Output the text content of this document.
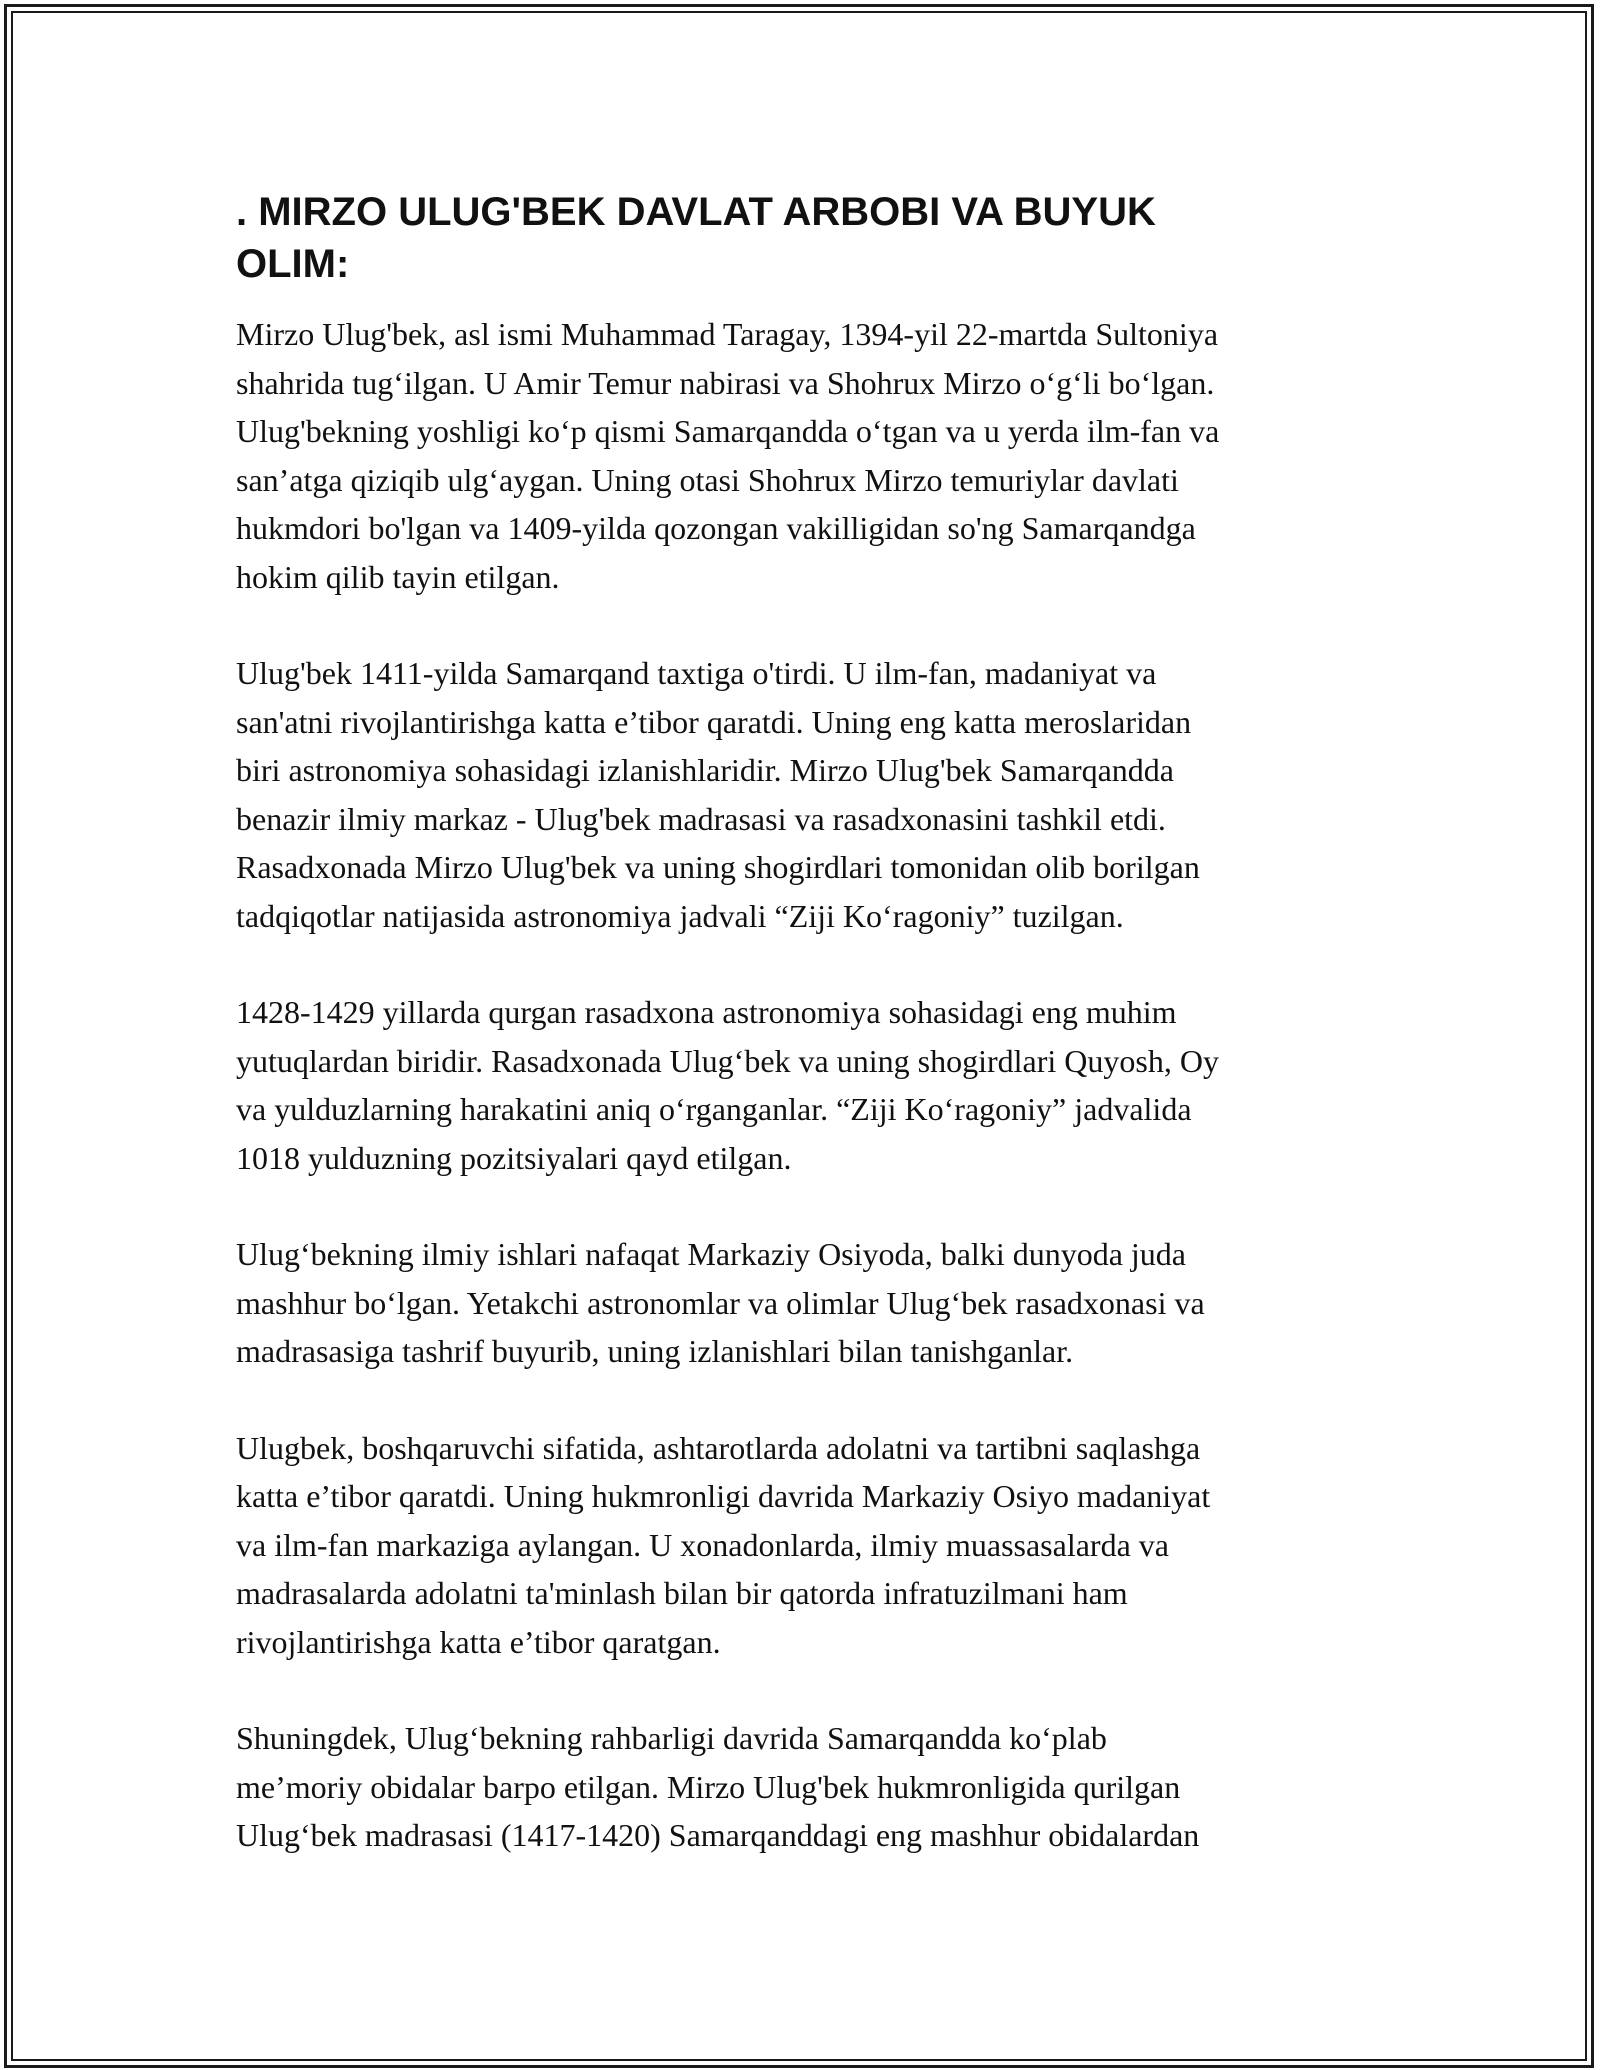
. MIRZO ULUG'BEK DAVLAT ARBOBI VA BUYUK
OLIM:

Mirzo Ulug'bek, asl ismi Muhammad Taragay, 1394-yil 22-martda Sultoniya
shahrida tug‘ilgan. U Amir Temur nabirasi va Shohrux Mirzo o‘g‘li bo‘lgan.
Ulug'bekning yoshligi ko‘p qismi Samarqandda o‘tgan va u yerda ilm-fan va
san’atga qiziqib ulg‘aygan. Uning otasi Shohrux Mirzo temuriylar davlati
hukmdori bo'lgan va 1409-yilda qozongan vakilligidan so'ng Samarqandga
hokim qilib tayin etilgan.

Ulug'bek 1411-yilda Samarqand taxtiga o'tirdi. U ilm-fan, madaniyat va
san'atni rivojlantirishga katta e’tibor qaratdi. Uning eng katta meroslaridan
biri astronomiya sohasidagi izlanishlaridir. Mirzo Ulug'bek Samarqandda
benazir ilmiy markaz - Ulug'bek madrasasi va rasadxonasini tashkil etdi.
Rasadxonada Mirzo Ulug'bek va uning shogirdlari tomonidan olib borilgan
tadqiqotlar natijasida astronomiya jadvali “Ziji Ko‘ragoniy” tuzilgan.

1428-1429 yillarda qurgan rasadxona astronomiya sohasidagi eng muhim
yutuqlardan biridir. Rasadxonada Ulug‘bek va uning shogirdlari Quyosh, Oy
va yulduzlarning harakatini aniq o‘rganganlar. “Ziji Ko‘ragoniy” jadvalida
1018 yulduzning pozitsiyalari qayd etilgan.

Ulug‘bekning ilmiy ishlari nafaqat Markaziy Osiyoda, balki dunyoda juda
mashhur bo‘lgan. Yetakchi astronomlar va olimlar Ulug‘bek rasadxonasi va
madrasasiga tashrif buyurib, uning izlanishlari bilan tanishganlar.

Ulugbek, boshqaruvchi sifatida, ashtarotlarda adolatni va tartibni saqlashga
katta e’tibor qaratdi. Uning hukmronligi davrida Markaziy Osiyo madaniyat
va ilm-fan markaziga aylangan. U xonadonlarda, ilmiy muassasalarda va
madrasalarda adolatni ta'minlash bilan bir qatorda infratuzilmani ham
rivojlantirishga katta e’tibor qaratgan.

Shuningdek, Ulug‘bekning rahbarligi davrida Samarqandda ko‘plab
me’moriy obidalar barpo etilgan. Mirzo Ulug'bek hukmronligida qurilgan
Ulug‘bek madrasasi (1417-1420) Samarqanddagi eng mashhur obidalardan
